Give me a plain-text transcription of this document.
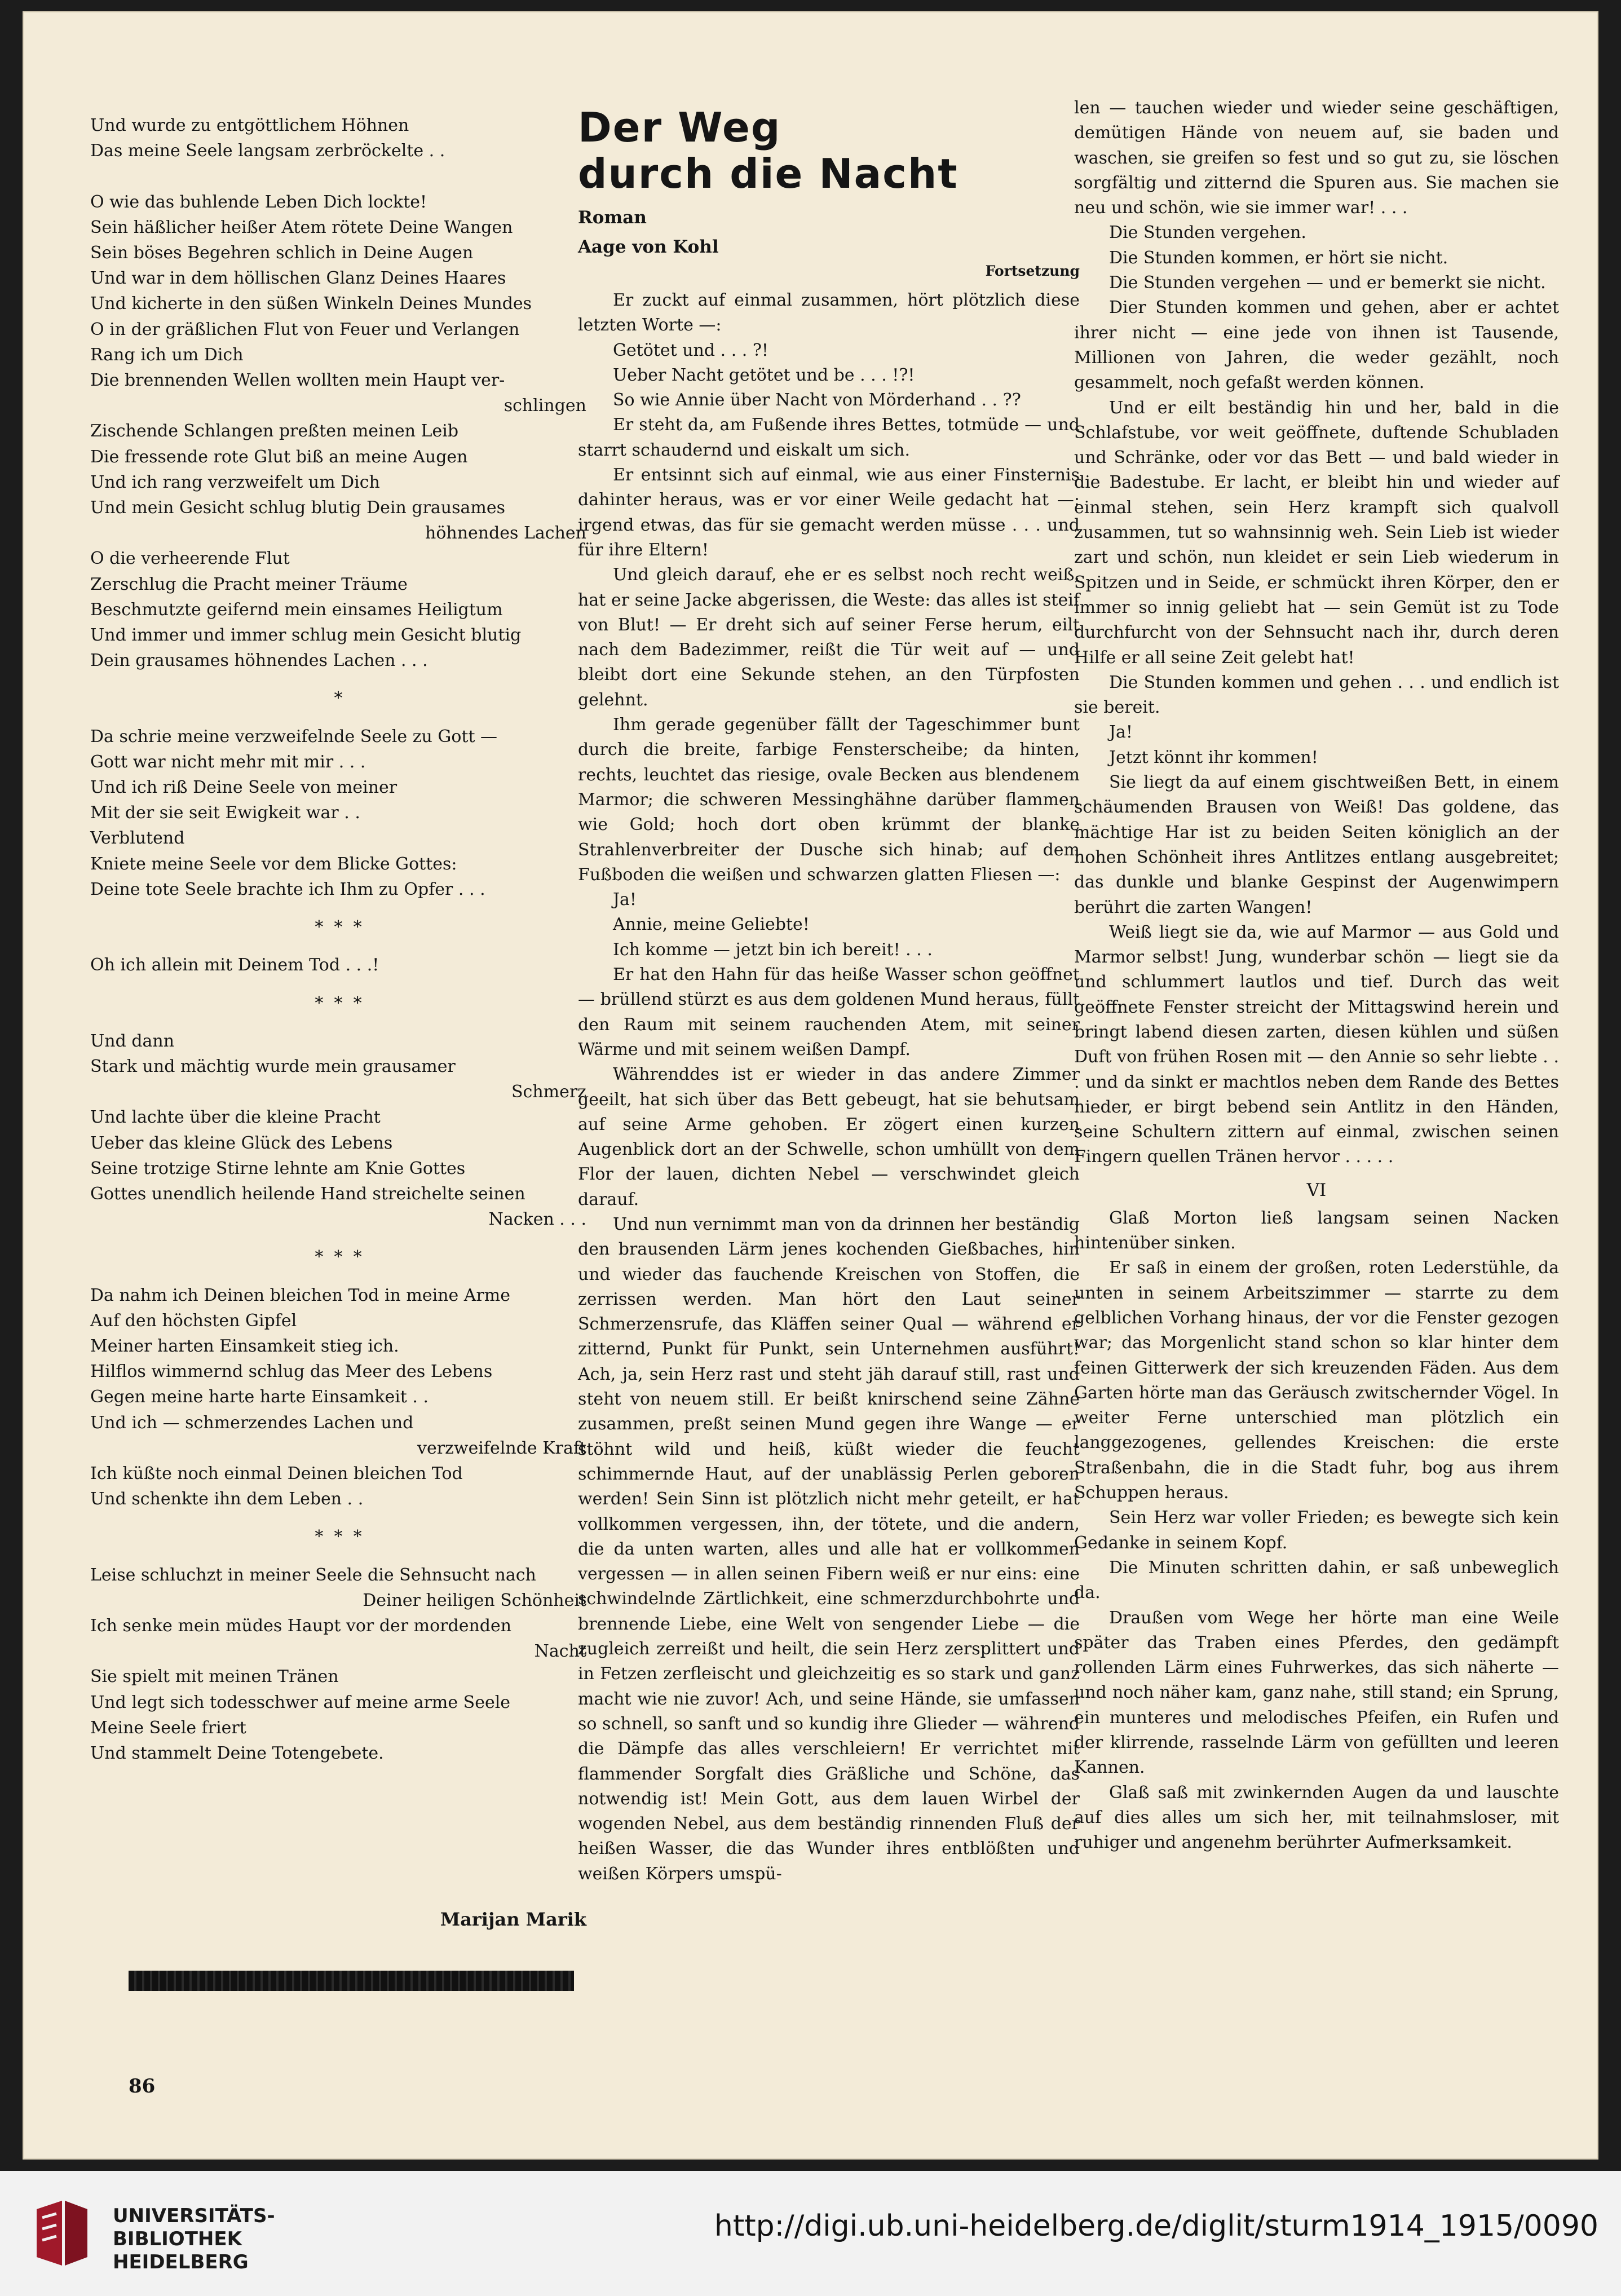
Und wurde zu entgöttlichem Höhnen
Das meine Seele langsam zerbröckelte . .

O wie das buhlende Leben Dich lockte!
Sein häßlicher heißer Atem rötete Deine Wangen
Sein böses Begehren schlich in Deine Augen
Und war in dem höllischen Glanz Deines Haares
Und kicherte in den süßen Winkeln Deines Mundes
O in der gräßlichen Flut von Feuer und Verlangen
Rang ich um Dich
Die brennenden Wellen wollten mein Haupt ver-
schlingen
Zischende Schlangen preßten meinen Leib
Die fressende rote Glut biß an meine Augen
Und ich rang verzweifelt um Dich
Und mein Gesicht schlug blutig Dein grausames
höhnendes Lachen
O die verheerende Flut
Zerschlug die Pracht meiner Träume
Beschmutzte geifernd mein einsames Heiligtum
Und immer und immer schlug mein Gesicht blutig
Dein grausames höhnendes Lachen . . .
*
Da schrie meine verzweifelnde Seele zu Gott —
Gott war nicht mehr mit mir . . .
Und ich riß Deine Seele von meiner
Mit der sie seit Ewigkeit war . .
Verblutend
Kniete meine Seele vor dem Blicke Gottes:
Deine tote Seele brachte ich Ihm zu Opfer . . .
*  *  *
Oh ich allein mit Deinem Tod . . .!
*  *  *
Und dann
Stark und mächtig wurde mein grausamer
Schmerz
Und lachte über die kleine Pracht
Ueber das kleine Glück des Lebens
Seine trotzige Stirne lehnte am Knie Gottes
Gottes unendlich heilende Hand streichelte seinen
Nacken . . .
*  *  *
Da nahm ich Deinen bleichen Tod in meine Arme
Auf den höchsten Gipfel
Meiner harten Einsamkeit stieg ich.
Hilflos wimmernd schlug das Meer des Lebens
Gegen meine harte harte Einsamkeit . .
Und ich — schmerzendes Lachen und
verzweifelnde Kraft
Ich küßte noch einmal Deinen bleichen Tod
Und schenkte ihn dem Leben . .
*  *  *
Leise schluchzt in meiner Seele die Sehnsucht nach
Deiner heiligen Schönheit
Ich senke mein müdes Haupt vor der mordenden
Nacht
Sie spielt mit meinen Tränen
Und legt sich todesschwer auf meine arme Seele
Meine Seele friert
Und stammelt Deine Totengebete.
Marijan Marik
86
Der Weg
durch die Nacht
Roman
Aage von Kohl
Fortsetzung

Er zuckt auf einmal zusammen, hört plötzlich diese letzten Worte —:

Getötet und . . . ?!

Ueber Nacht getötet und be . . . !?!

So wie Annie über Nacht von Mörderhand . . ??

Er steht da, am Fußende ihres Bettes, totmüde — und starrt schaudernd und eiskalt um sich.

Er entsinnt sich auf einmal, wie aus einer Finsternis dahinter heraus, was er vor einer Weile gedacht hat —: irgend etwas, das für sie gemacht werden müsse . . . und für ihre Eltern!

Und gleich darauf, ehe er es selbst noch recht weiß, hat er seine Jacke abgerissen, die Weste: das alles ist steif von Blut! — Er dreht sich auf seiner Ferse herum, eilt nach dem Badezimmer, reißt die Tür weit auf — und bleibt dort eine Sekunde stehen, an den Türpfosten gelehnt.

Ihm gerade gegenüber fällt der Tageschimmer bunt durch die breite, farbige Fensterscheibe; da hinten, rechts, leuchtet das riesige, ovale Becken aus blendenem Marmor; die schweren Messinghähne darüber flammen wie Gold; hoch dort oben krümmt der blanke Strahlenverbreiter der Dusche sich hinab; auf dem Fußboden die weißen und schwarzen glatten Fliesen —:

Ja!

Annie, meine Geliebte!

Ich komme — jetzt bin ich bereit! . . .

Er hat den Hahn für das heiße Wasser schon geöffnet — brüllend stürzt es aus dem goldenen Mund heraus, füllt den Raum mit seinem rauchenden Atem, mit seiner Wärme und mit seinem weißen Dampf.

Währenddes ist er wieder in das andere Zimmer geeilt, hat sich über das Bett gebeugt, hat sie behutsam auf seine Arme gehoben. Er zögert einen kurzen Augenblick dort an der Schwelle, schon umhüllt von dem Flor der lauen, dichten Nebel — verschwindet gleich darauf.

Und nun vernimmt man von da drinnen her beständig den brausenden Lärm jenes kochenden Gießbaches, hin und wieder das fauchende Kreischen von Stoffen, die zerrissen werden. Man hört den Laut seiner Schmerzensrufe, das Kläffen seiner Qual — während er zitternd, Punkt für Punkt, sein Unternehmen ausführt! Ach, ja, sein Herz rast und steht jäh darauf still, rast und steht von neuem still. Er beißt knirschend seine Zähne zusammen, preßt seinen Mund gegen ihre Wange — er stöhnt wild und heiß, küßt wieder die feucht schimmernde Haut, auf der unablässig Perlen geboren werden! Sein Sinn ist plötzlich nicht mehr geteilt, er hat vollkommen vergessen, ihn, der tötete, und die andern, die da unten warten, alles und alle hat er vollkommen vergessen — in allen seinen Fibern weiß er nur eins: eine schwindelnde Zärtlichkeit, eine schmerzdurchbohrte und brennende Liebe, eine Welt von sengender Liebe — die zugleich zerreißt und heilt, die sein Herz zersplittert und in Fetzen zerfleischt und gleichzeitig es so stark und ganz macht wie nie zuvor! Ach, und seine Hände, sie umfassen so schnell, so sanft und so kundig ihre Glieder — während die Dämpfe das alles verschleiern! Er verrichtet mit flammender Sorgfalt dies Gräßliche und Schöne, das notwendig ist! Mein Gott, aus dem lauen Wirbel der wogenden Nebel, aus dem beständig rinnenden Fluß der heißen Wasser, die das Wunder ihres entblößten und weißen Körpers umspü-

len — tauchen wieder und wieder seine geschäftigen, demütigen Hände von neuem auf, sie baden und waschen, sie greifen so fest und so gut zu, sie löschen sorgfältig und zitternd die Spuren aus. Sie machen sie neu und schön, wie sie immer war! . . .

Die Stunden vergehen.

Die Stunden kommen, er hört sie nicht.

Die Stunden vergehen — und er bemerkt sie nicht.

Dier Stunden kommen und gehen, aber er achtet ihrer nicht — eine jede von ihnen ist Tausende, Millionen von Jahren, die weder gezählt, noch gesammelt, noch gefaßt werden können.

Und er eilt beständig hin und her, bald in die Schlafstube, vor weit geöffnete, duftende Schubladen und Schränke, oder vor das Bett — und bald wieder in die Badestube. Er lacht, er bleibt hin und wieder auf einmal stehen, sein Herz krampft sich qualvoll zusammen, tut so wahnsinnig weh. Sein Lieb ist wieder zart und schön, nun kleidet er sein Lieb wiederum in Spitzen und in Seide, er schmückt ihren Körper, den er immer so innig geliebt hat — sein Gemüt ist zu Tode durchfurcht von der Sehnsucht nach ihr, durch deren Hilfe er all seine Zeit gelebt hat!

Die Stunden kommen und gehen . . . und endlich ist sie bereit.

Ja!

Jetzt könnt ihr kommen!

Sie liegt da auf einem gischtweißen Bett, in einem schäumenden Brausen von Weiß! Das goldene, das mächtige Har ist zu beiden Seiten königlich an der hohen Schönheit ihres Antlitzes entlang ausgebreitet; das dunkle und blanke Gespinst der Augenwimpern berührt die zarten Wangen!

Weiß liegt sie da, wie auf Marmor — aus Gold und Marmor selbst! Jung, wunderbar schön — liegt sie da und schlummert lautlos und tief. Durch das weit geöffnete Fenster streicht der Mittagswind herein und bringt labend diesen zarten, diesen kühlen und süßen Duft von frühen Rosen mit — den Annie so sehr liebte . . . und da sinkt er machtlos neben dem Rande des Bettes nieder, er birgt bebend sein Antlitz in den Händen, seine Schultern zittern auf einmal, zwischen seinen Fingern quellen Tränen hervor . . . . .

VI

Glaß Morton ließ langsam seinen Nacken hintenüber sinken.

Er saß in einem der großen, roten Lederstühle, da unten in seinem Arbeitszimmer — starrte zu dem gelblichen Vorhang hinaus, der vor die Fenster gezogen war; das Morgenlicht stand schon so klar hinter dem feinen Gitterwerk der sich kreuzenden Fäden. Aus dem Garten hörte man das Geräusch zwitschernder Vögel. In weiter Ferne unterschied man plötzlich ein langgezogenes, gellendes Kreischen: die erste Straßenbahn, die in die Stadt fuhr, bog aus ihrem Schuppen heraus.

Sein Herz war voller Frieden; es bewegte sich kein Gedanke in seinem Kopf.

Die Minuten schritten dahin, er saß unbeweglich da.

Draußen vom Wege her hörte man eine Weile später das Traben eines Pferdes, den gedämpft rollenden Lärm eines Fuhrwerkes, das sich näherte — und noch näher kam, ganz nahe, still stand; ein Sprung, ein munteres und melodisches Pfeifen, ein Rufen und der klirrende, rasselnde Lärm von gefüllten und leeren Kannen.

Glaß saß mit zwinkernden Augen da und lauschte auf dies alles um sich her, mit teilnahmsloser, mit ruhiger und angenehm berührter Aufmerksamkeit.

UNIVERSITÄTS-
BIBLIOTHEK
HEIDELBERG
http://digi.ub.uni-heidelberg.de/diglit/sturm1914_1915/0090
